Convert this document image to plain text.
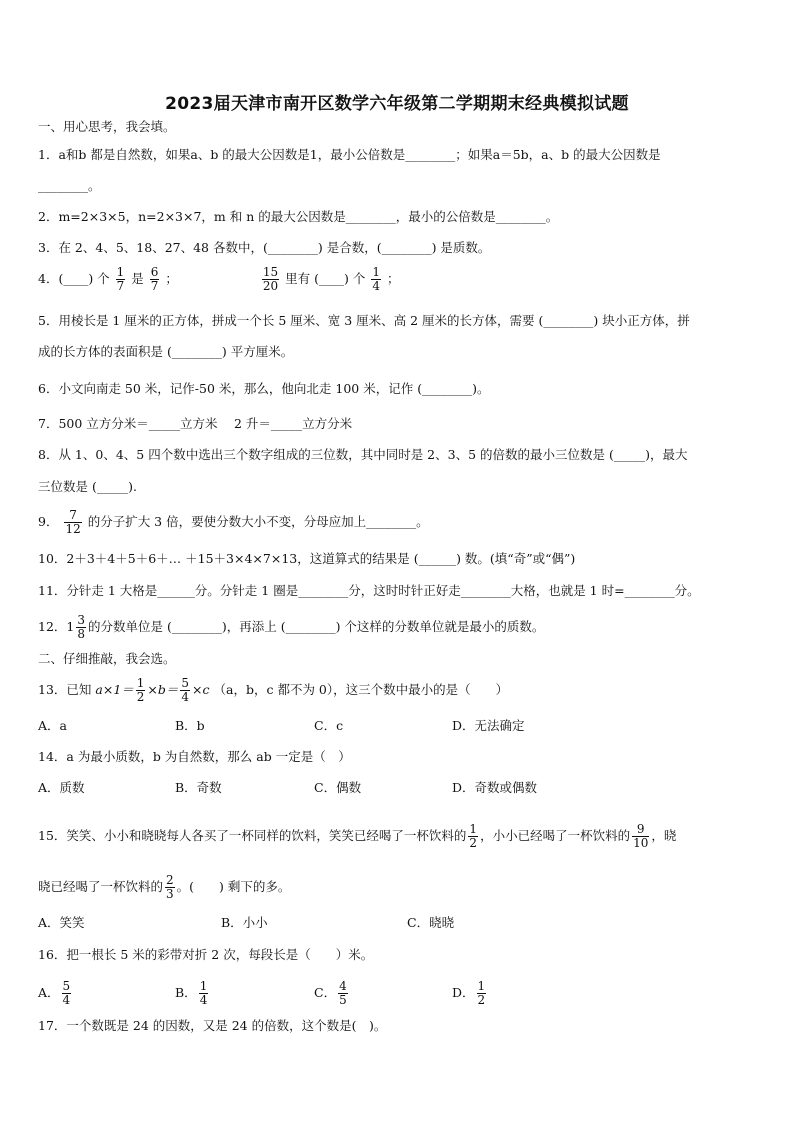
2023届天津市南开区数学六年级第二学期期末经典模拟试题
一、用心思考，我会填。
1．a和b 都是自然数，如果a、b 的最大公因数是1，最小公倍数是________；如果a＝5b，a、b 的最大公因数是
________。
2．m=2×3×5，n=2×3×7，m 和 n 的最大公因数是________，最小的公倍数是________。
3．在 2、4、5、18、27、48 各数中，(________) 是合数，(________) 是质数。
4．(____) 个 $\frac{1}{7}$ 是 $\frac{6}{7}$ ；	$\frac{15}{20}$ 里有 (____) 个 $\frac{1}{4}$ ；
5．用棱长是 1 厘米的正方体，拼成一个长 5 厘米、宽 3 厘米、高 2 厘米的长方体，需要 (________) 块小正方体，拼
成的长方体的表面积是 (________) 平方厘米。
6．小文向南走 50 米，记作-50 米，那么，他向北走 100 米，记作 (________)。
7．500 立方分米＝_____立方米　 2 升＝_____立方分米
8．从 1、0、4、5 四个数中选出三个数字组成的三位数，其中同时是 2、3、5 的倍数的最小三位数是 (_____)，最大
三位数是 (_____).
9． $\frac{7}{12}$ 的分子扩大 3 倍，要使分数大小不变，分母应加上________。
10．2＋3＋4＋5＋6＋… ＋15＋3×4×7×13，这道算式的结果是 (______) 数。(填“奇”或“偶”)
11．分针走 1 大格是______分。分针走 1 圈是________分，这时时针正好走________大格，也就是 1 时=________分。
12．$1 \frac{3}{8}$ 的分数单位是 (________)，再添上 (________) 个这样的分数单位就是最小的质数。
二、仔细推敲，我会选。
13．已知 $a\times 1= \frac{1}{2} \times b= \frac{5}{4} \times c$ （a，b，c 都不为 0），这三个数中最小的是（　　）
A．a	B．b	C．c	D．无法确定
14．a 为最小质数，b 为自然数，那么 ab 一定是（　）
A．质数	B．奇数	C．偶数	D．奇数或偶数
15．笑笑、小小和晓晓每人各买了一杯同样的饮料，笑笑已经喝了一杯饮料的 $\frac{1}{2}$ ，小小已经喝了一杯饮料的 $\frac{9}{10}$ ，晓
晓已经喝了一杯饮料的 $\frac{2}{3}$ 。(　　) 剩下的多。
A．笑笑	B．小小	C．晓晓
16．把一根长 5 米的彩带对折 2 次，每段长是（　　）米。
A． $\frac{5}{4}$	B． $\frac{1}{4}$	C． $\frac{4}{5}$	D． $\frac{1}{2}$
17．一个数既是 24 的因数，又是 24 的倍数，这个数是(　)。
